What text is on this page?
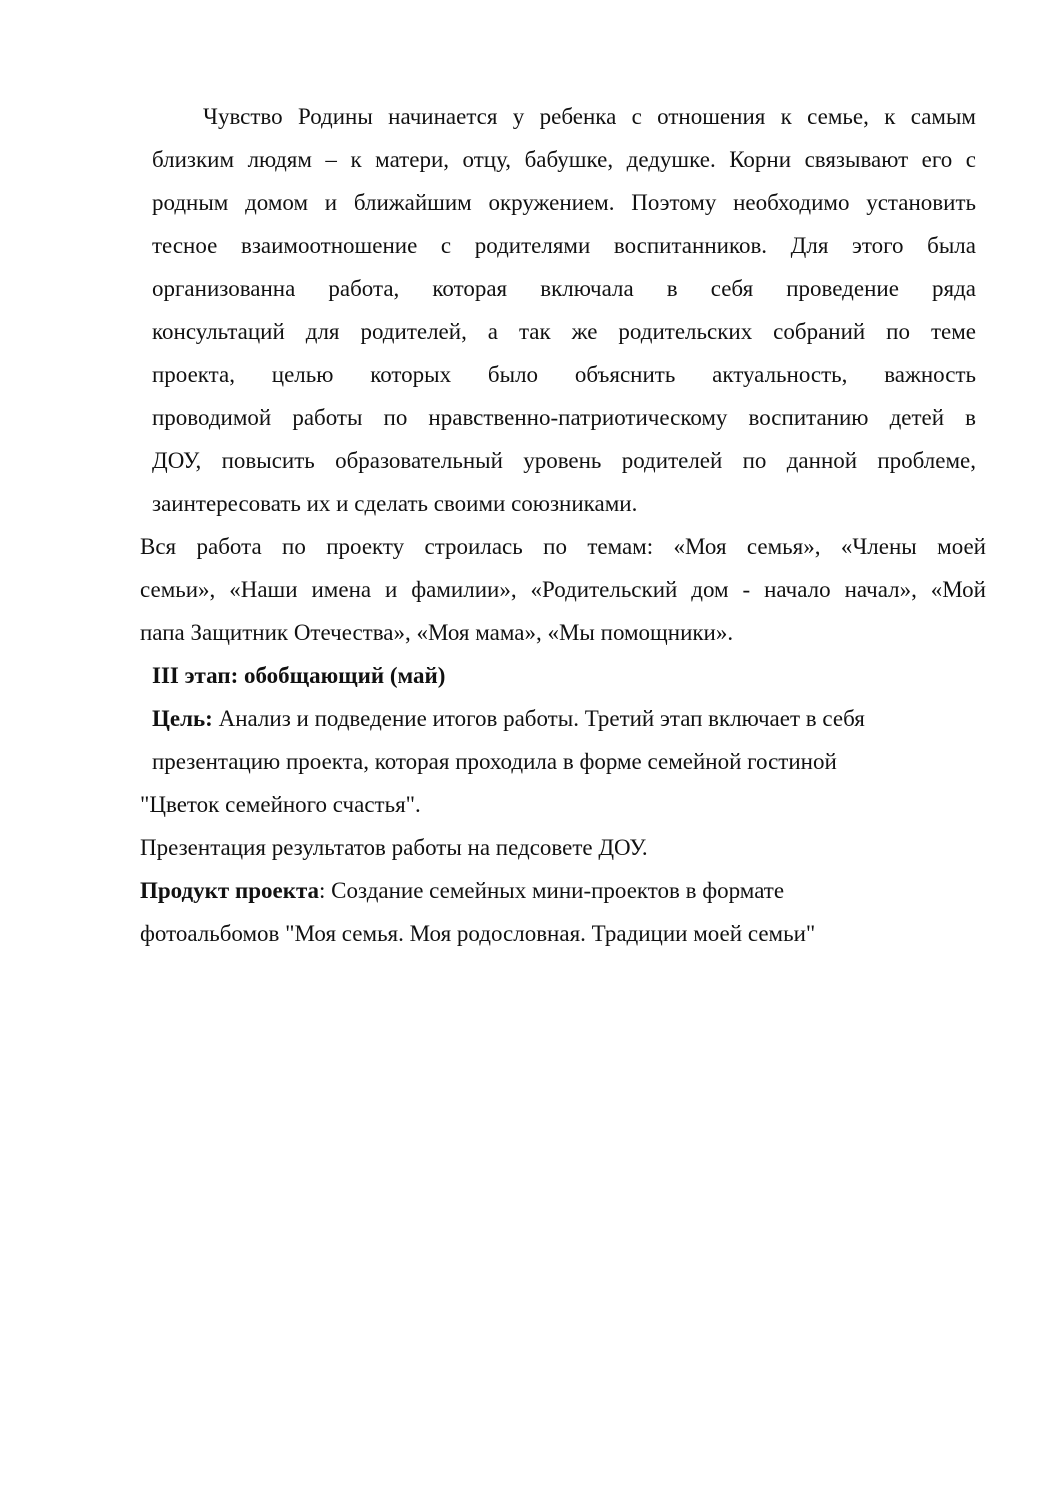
Чувство Родины начинается у ребенка с отношения к семье, к самым
близким людям – к матери, отцу, бабушке, дедушке. Корни связывают его с
родным домом и ближайшим окружением. Поэтому необходимо установить
тесное взаимоотношение с родителями воспитанников. Для этого была
организованна работа, которая включала в себя проведение ряда
консультаций для родителей, а так же родительских собраний по теме
проекта, целью которых было объяснить актуальность, важность
проводимой работы по нравственно-патриотическому воспитанию детей в
ДОУ, повысить образовательный уровень родителей по данной проблеме,
заинтересовать их и сделать своими союзниками.
Вся работа по проекту строилась по темам: «Моя семья», «Члены моей
семьи», «Наши имена и фамилии», «Родительский дом - начало начал», «Мой
папа Защитник Отечества», «Моя мама», «Мы помощники».
III этап: обобщающий (май)
Цель: Анализ и подведение итогов работы. Третий этап включает в себя
презентацию проекта, которая проходила в форме семейной гостиной
"Цветок семейного счастья".
Презентация результатов работы на педсовете ДОУ.
Продукт проекта: Создание семейных мини-проектов в формате
фотоальбомов "Моя семья. Моя родословная. Традиции моей семьи"
